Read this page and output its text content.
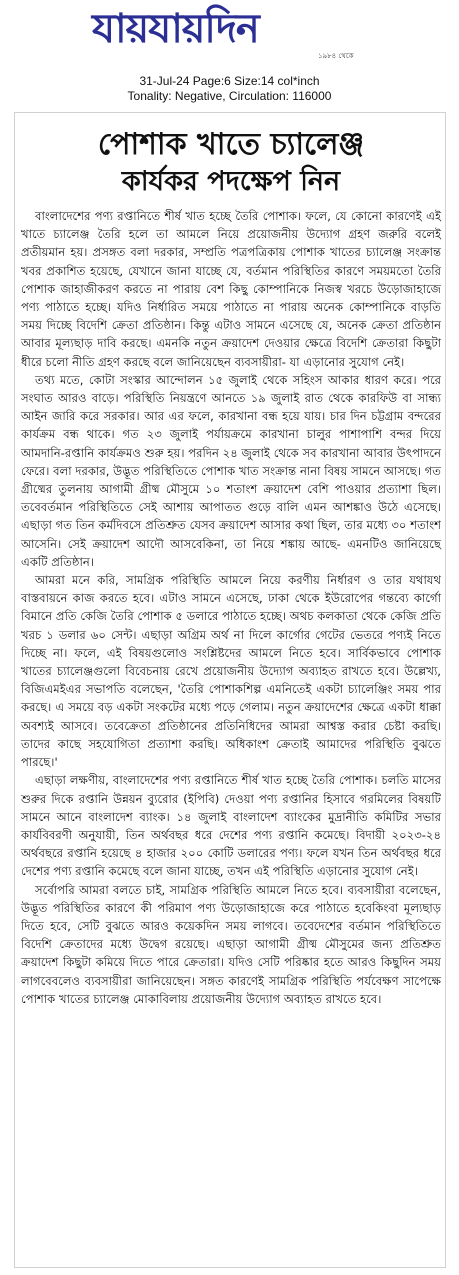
যায়যায়দিন
১৯৮৪ থেকে
31-Jul-24 Page:6 Size:14 col*inch
Tonality: Negative, Circulation: 116000
পোশাক খাতে চ্যালেঞ্জ
কার্যকর পদক্ষেপ নিন

বাংলাদেশের পণ্য রপ্তানিতে শীর্ষ খাত হচ্ছে তৈরি পোশাক। ফলে, যে কোনো কারণেই এই খাতে চ্যালেঞ্জ তৈরি হলে তা আমলে নিয়ে প্রয়োজনীয় উদ্যোগ গ্রহণ জরুরি বলেই প্রতীয়মান হয়। প্রসঙ্গত বলা দরকার, সম্প্রতি পত্রপত্রিকায় পোশাক খাতের চ্যালেঞ্জ সংক্রান্ত খবর প্রকাশিত হয়েছে, যেখানে জানা যাচ্ছে যে, বর্তমান পরিস্থিতির কারণে সময়মতো তৈরি পোশাক জাহাজীকরণ করতে না পারায় বেশ কিছু কোম্পানিকে নিজস্ব খরচে উড়োজাহাজে পণ্য পাঠাতে হচ্ছে। যদিও নির্ধারিত সময়ে পাঠাতে না পারায় অনেক কোম্পানিকে বাড়তি সময় দিচ্ছে বিদেশি ক্রেতা প্রতিষ্ঠান। কিন্তু এটাও সামনে এসেছে যে, অনেক ক্রেতা প্রতিষ্ঠান আবার মূল্যছাড় দাবি করছে। এমনকি নতুন ক্রয়াদেশ দেওয়ার ক্ষেত্রে বিদেশি ক্রেতারা কিছুটা ধীরে চলো নীতি গ্রহণ করছে বলে জানিয়েছেন ব্যবসায়ীরা- যা এড়ানোর সুযোগ নেই।

তথ্য মতে, কোটা সংস্কার আন্দোলন ১৫ জুলাই থেকে সহিংস আকার ধারণ করে। পরে সংঘাত আরও বাড়ে। পরিস্থিতি নিয়ন্ত্রণে আনতে ১৯ জুলাই রাত থেকে কারফিউ বা সান্ধ্য আইন জারি করে সরকার। আর এর ফলে, কারখানা বন্ধ হয়ে যায়। চার দিন চট্টগ্রাম বন্দরের কার্যক্রম বন্ধ থাকে। গত ২৩ জুলাই পর্যায়ক্রমে কারখানা চালুর পাশাপাশি বন্দর দিয়ে আমদানি-রপ্তানি কার্যক্রমও শুরু হয়। পরদিন ২৪ জুলাই থেকে সব কারখানা আবার উৎপাদনে ফেরে। বলা দরকার, উদ্ভূত পরিস্থিতিতে পোশাক খাত সংক্রান্ত নানা বিষয় সামনে আসছে। গত গ্রীষ্মের তুলনায় আগামী গ্রীষ্ম মৌসুমে ১০ শতাংশ ক্রয়াদেশ বেশি পাওয়ার প্রত্যাশা ছিল। তবেবর্তমান পরিস্থিতিতে সেই আশায় আপাতত গুড়ে বালি এমন আশঙ্কাও উঠে এসেছে। এছাড়া গত তিন কর্মদিবসে প্রতিশ্রুত যেসব ক্রয়াদেশ আসার কথা ছিল, তার মধ্যে ৩০ শতাংশ আসেনি। সেই ক্রয়াদেশ আদৌ আসবেকিনা, তা নিয়ে শঙ্কায় আছে- এমনটিও জানিয়েছে একটি প্রতিষ্ঠান।

আমরা মনে করি, সামগ্রিক পরিস্থিতি আমলে নিয়ে করণীয় নির্ধারণ ও তার যথাযথ বাস্তবায়নে কাজ করতে হবে। এটাও সামনে এসেছে, ঢাকা থেকে ইউরোপের গন্তব্যে কার্গো বিমানে প্রতি কেজি তৈরি পোশাক ৫ ডলারে পাঠাতে হচ্ছে। অথচ কলকাতা থেকে কেজি প্রতি খরচ ১ ডলার ৬০ সেন্ট। এছাড়া অগ্রিম অর্থ না দিলে কার্গোর গেটের ভেতরে পণ্যই নিতে দিচ্ছে না। ফলে, এই বিষয়গুলোও সংশ্লিষ্টদের আমলে নিতে হবে। সার্বিকভাবে পোশাক খাতের চ্যালেঞ্জগুলো বিবেচনায় রেখে প্রয়োজনীয় উদ্যোগ অব্যাহত রাখতে হবে। উল্লেখ্য, বিজিএমইএর সভাপতি বলেছেন, 'তৈরি পোশাকশিল্প এমনিতেই একটা চ্যালেঞ্জিং সময় পার করছে। এ সময়ে বড় একটা সংকটের মধ্যে পড়ে গেলাম। নতুন ক্রয়াদেশের ক্ষেত্রে একটা ধাক্কা অবশ্যই আসবে। তবেক্রেতা প্রতিষ্ঠানের প্রতিনিধিদের আমরা আশ্বস্ত করার চেষ্টা করছি। তাদের কাছে সহযোগিতা প্রত্যাশা করছি। অধিকাংশ ক্রেতাই আমাদের পরিস্থিতি বুঝতে পারছে।'

এছাড়া লক্ষণীয়, বাংলাদেশের পণ্য রপ্তানিতে শীর্ষ খাত হচ্ছে তৈরি পোশাক। চলতি মাসের শুরুর দিকে রপ্তানি উন্নয়ন ব্যুরোর (ইপিবি) দেওয়া পণ্য রপ্তানির হিসাবে গরমিলের বিষয়টি সামনে আনে বাংলাদেশ ব্যাংক। ১৪ জুলাই বাংলাদেশ ব্যাংকের মুদ্রানীতি কমিটির সভার কার্যবিবরণী অনুযায়ী, তিন অর্থবছর ধরে দেশের পণ্য রপ্তানি কমেছে। বিদায়ী ২০২৩-২৪ অর্থবছরে রপ্তানি হয়েছে ৪ হাজার ২০০ কোটি ডলারের পণ্য। ফলে যখন তিন অর্থবছর ধরে দেশের পণ্য রপ্তানি কমেছে বলে জানা যাচ্ছে, তখন এই পরিস্থিতি এড়ানোর সুযোগ নেই।

সর্বোপরি আমরা বলতে চাই, সামগ্রিক পরিস্থিতি আমলে নিতে হবে। ব্যবসায়ীরা বলেছেন, উদ্ভূত পরিস্থিতির কারণে কী পরিমাণ পণ্য উড়োজাহাজে করে পাঠাতে হবেকিংবা মূল্যছাড় দিতে হবে, সেটি বুঝতে আরও কয়েকদিন সময় লাগবে। তবেদেশের বর্তমান পরিস্থিতিতে বিদেশি ক্রেতাদের মধ্যে উদ্বেগ রয়েছে। এছাড়া আগামী গ্রীষ্ম মৌসুমের জন্য প্রতিশ্রুত ক্রয়াদেশ কিছুটা কমিয়ে দিতে পারে ক্রেতারা। যদিও সেটি পরিষ্কার হতে আরও কিছুদিন সময় লাগবেবলেও ব্যবসায়ীরা জানিয়েছেন। সঙ্গত কারণেই সামগ্রিক পরিস্থিতি পর্যবেক্ষণ সাপেক্ষে পোশাক খাতের চ্যালেঞ্জ মোকাবিলায় প্রয়োজনীয় উদ্যোগ অব্যাহত রাখতে হবে।
